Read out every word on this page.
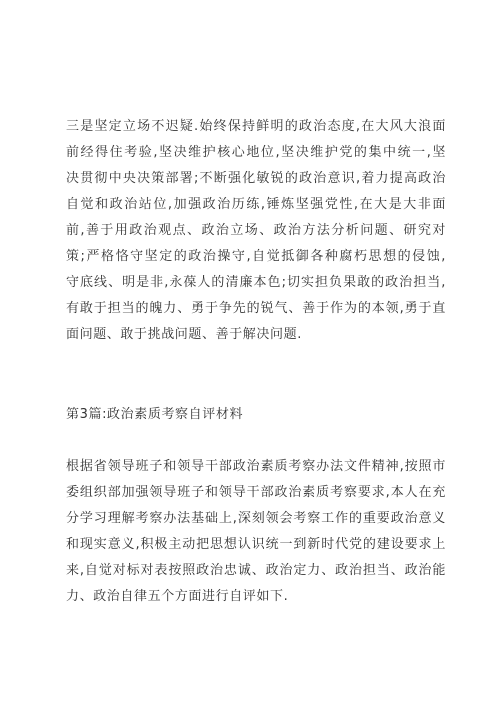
三是坚定立场不迟疑.始终保持鲜明的政治态度,在大风大浪面
前经得住考验,坚决维护核心地位,坚决维护党的集中统一,坚
决贯彻中央决策部署;不断强化敏锐的政治意识,着力提高政治
自觉和政治站位,加强政治历练,锤炼坚强党性,在大是大非面
前,善于用政治观点、政治立场、政治方法分析问题、研究对
策;严格恪守坚定的政治操守,自觉抵御各种腐朽思想的侵蚀,
守底线、明是非,永葆人的清廉本色;切实担负果敢的政治担当,
有敢于担当的魄力、勇于争先的锐气、善于作为的本领,勇于直
面问题、敢于挑战问题、善于解决问题.
第3篇:政治素质考察自评材料
根据省领导班子和领导干部政治素质考察办法文件精神,按照市
委组织部加强领导班子和领导干部政治素质考察要求,本人在充
分学习理解考察办法基础上,深刻领会考察工作的重要政治意义
和现实意义,积极主动把思想认识统一到新时代党的建设要求上
来,自觉对标对表按照政治忠诚、政治定力、政治担当、政治能
力、政治自律五个方面进行自评如下.
